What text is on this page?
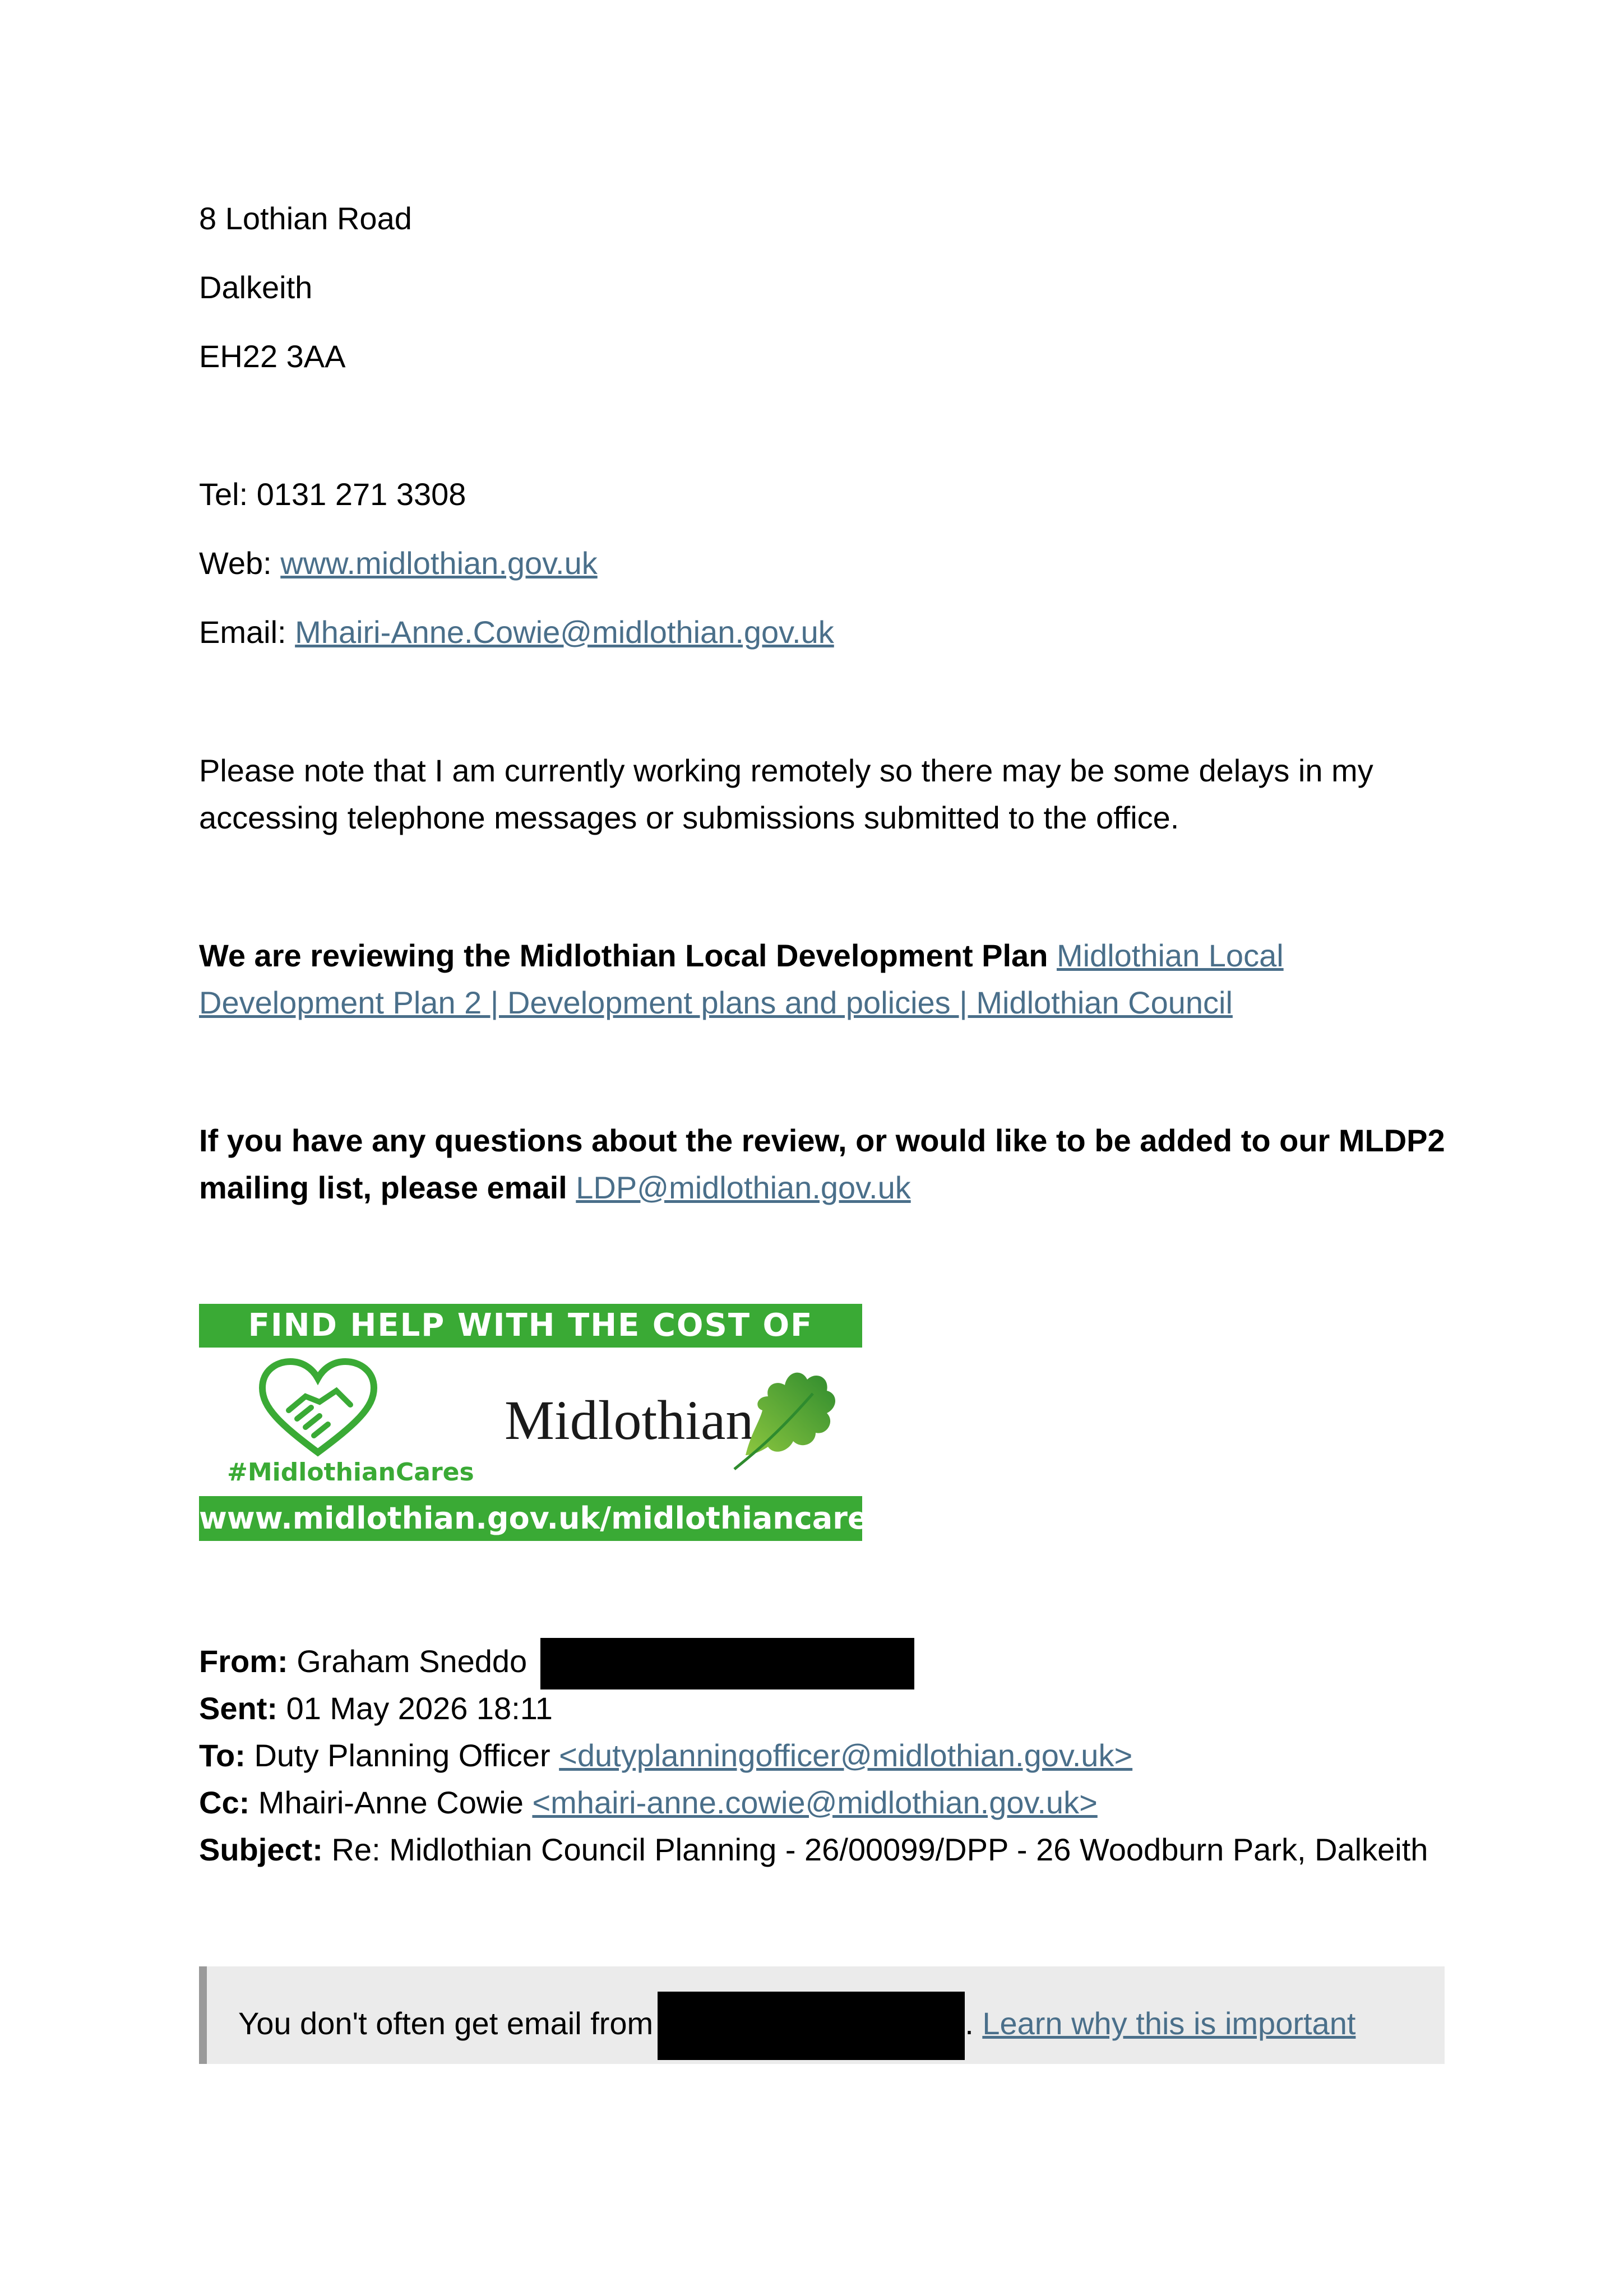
8 Lothian Road
Dalkeith
EH22 3AA
Tel: 0131 271 3308
Web: www.midlothian.gov.uk
Email: Mhairi-Anne.Cowie@midlothian.gov.uk
Please note that I am currently working remotely so there may be some delays in my accessing telephone messages or submissions submitted to the office.
We are reviewing the Midlothian Local Development Plan Midlothian Local Development Plan 2 | Development plans and policies | Midlothian Council
If you have any questions about the review, or would like to be added to our MLDP2 mailing list, please email LDP@midlothian.gov.uk
FIND HELP WITH THE COST OF LIVING
#MidlothianCares
Midlothian
www.midlothian.gov.uk/midlothiancares
From: Graham Sneddo
Sent: 01 May 2026 18:11
To: Duty Planning Officer <dutyplanningofficer@midlothian.gov.uk>
Cc: Mhairi-Anne Cowie <mhairi-anne.cowie@midlothian.gov.uk>
Subject: Re: Midlothian Council Planning - 26/00099/DPP - 26 Woodburn Park, Dalkeith
You don't often get email from	. Learn why this is important
